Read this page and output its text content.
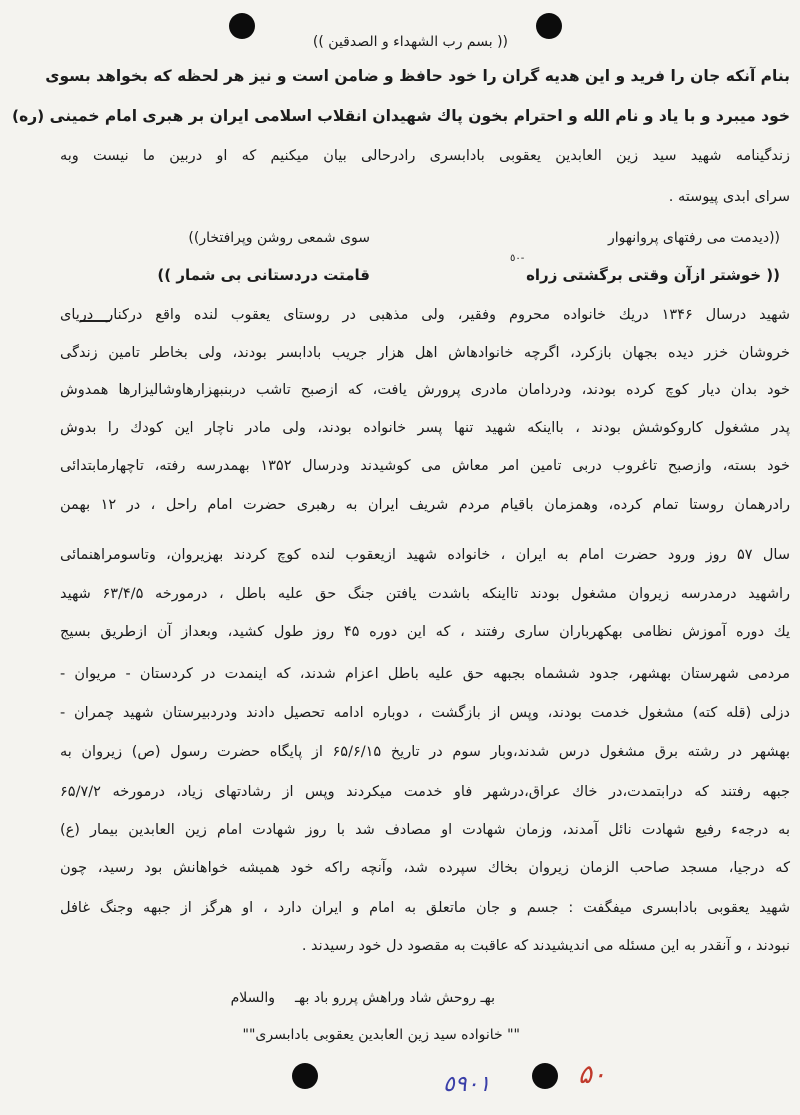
(( بسم رب الشهداء و الصدقين ))
بنام آنكه جان را فريد و اين هديه گران را خود حافظ و ضامن است و نيز هر لحظه كه بخواهد بسوی
خود ميبرد و با ياد و نام الله و احترام بخون پاك شهيدان انقلاب اسلامی ايران بر هبری امام خمينی (ره)
زندگينامه شهيد سيد زين العابدين يعقوبی بادابسری رادرحالی بيان ميكنيم كه او دربين ما نيست وبه
سرای ابدی پيوسته .
((ديدمت می رفتهای پروانهوار
سوی شمعی روشن وپرافتخار))
٥٠-
(( خوشتر ازآن وقتی برگشتی زراه
قامتت دردستانی بی شمار ))
شهيد درسال ۱۳۴۶ دريك خانواده محروم وفقير، ولی مذهبی در روستای يعقوب لنده واقع دركنار دريای
خروشان خزر ديده بجهان بازكرد، اگرچه خانوادهاش اهل هزار جريب بادابسر بودند، ولی بخاطر تامين زندگی
خود بدان ديار كوچ كرده بودند، ودردامان مادری پرورش يافت، كه ازصبح تاشب دربنبهزارهاوشاليزارها همدوش
پدر مشغول كاروكوشش بودند ، بااينكه شهيد تنها پسر خانواده بودند، ولی مادر ناچار اين كودك را بدوش
خود بسته، وازصبح تاغروب دربی تامين امر معاش می كوشيدند ودرسال ۱۳۵۲ بهمدرسه رفته، تاچهارمابتدائی
رادرهمان روستا تمام كرده، وهمزمان باقيام مردم شريف ايران به رهبری حضرت امام راحل ، در ۱۲ بهمن
سال ۵۷ روز ورود حضرت امام به ايران ، خانواده شهيد ازيعقوب لنده كوچ كردند بهزيروان، وتاسومراهنمائی
راشهيد درمدرسه زيروان مشغول بودند تااينكه باشدت يافتن جنگ حق عليه باطل ، درمورخه ۶۳/۴/۵ شهيد
يك دوره آموزش نظامی بهكهرباران ساری رفتند ، كه اين دوره ۴۵ روز طول كشيد، وبعداز آن ازطريق بسيج
مردمی شهرستان بهشهر، جدود ششماه بجبهه حق عليه باطل اعزام شدند، كه اينمدت در كردستان - مريوان -
دزلی (قله كته) مشغول خدمت بودند، وپس از بازگشت ، دوباره ادامه تحصيل دادند ودردبيرستان شهيد چمران -
بهشهر در رشته برق مشغول درس شدند،وبار سوم در تاريخ ۶۵/۶/۱۵ از پايگاه حضرت رسول (ص) زيروان به
جبهه رفتند كه درابتمدت،در خاك عراق،درشهر فاو خدمت ميكردند وپس از رشادتهای زياد، درمورخه ۶۵/۷/۲
به درجهء رفيع شهادت نائل آمدند، وزمان شهادت او مصادف شد با روز شهادت امام زين العابدين بيمار (ع)
كه درجيا، مسجد صاحب الزمان زيروان بخاك سپرده شد، وآنچه راكه خود هميشه خواهانش بود رسيد، چون
شهيد يعقوبی بادابسری ميفگفت : جسم و جان ماتعلق به امام و ايران دارد ، او هرگز از جبهه وجنگ غافل
نبودند ، و آنقدر به اين مسئله می انديشيدند كه عاقبت به مقصود دل خود رسيدند .
بهـ روحش شاد وراهش پررو باد بهـ
والسلام
"" خانواده سيد زين العابدين يعقوبی بادابسری""
٥٩٠١	۵۰
